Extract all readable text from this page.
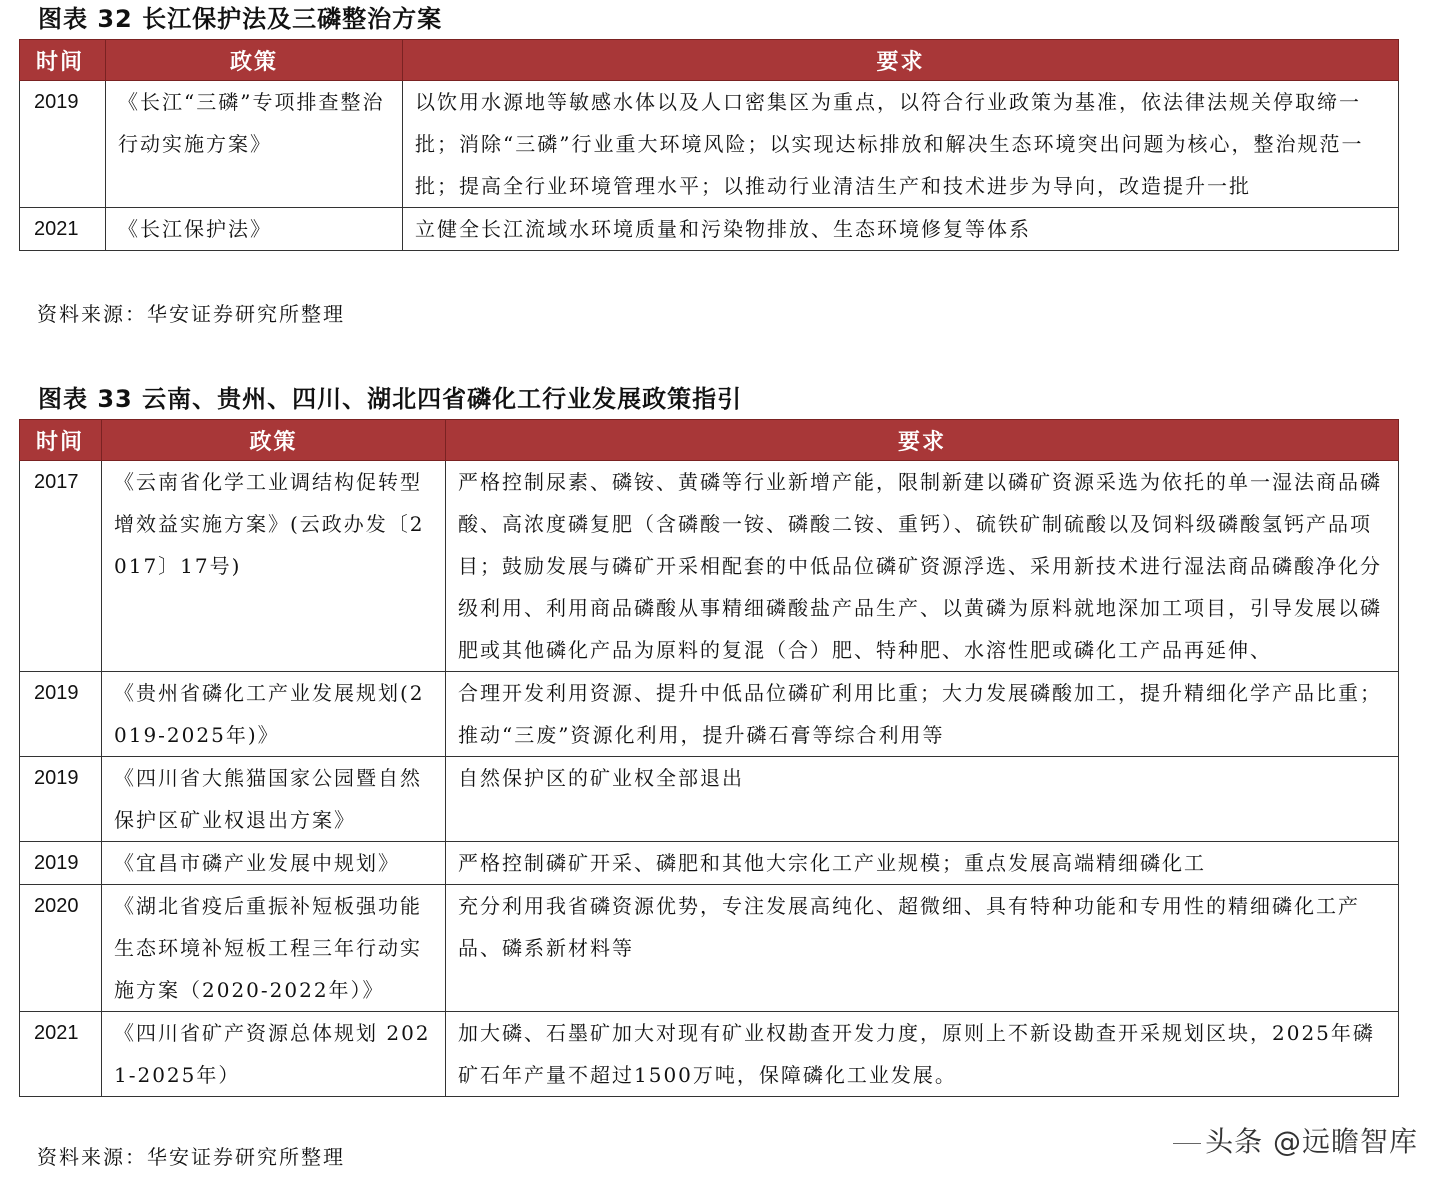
图表 32 长江保护法及三磷整治方案
时间	政策	要求
2019	《长江“三磷”专项排查整治行动实施方案》	以饮用水源地等敏感水体以及人口密集区为重点，以符合行业政策为基准，依法律法规关停取缔一批；消除“三磷”行业重大环境风险；以实现达标排放和解决生态环境突出问题为核心，整治规范一批；提高全行业环境管理水平；以推动行业清洁生产和技术进步为导向，改造提升一批
2021	《长江保护法》	立健全长江流域水环境质量和污染物排放、生态环境修复等体系
资料来源：华安证券研究所整理
图表 33 云南、贵州、四川、湖北四省磷化工行业发展政策指引
时间	政策	要求
2017	《云南省化学工业调结构促转型增效益实施方案》(云政办发〔2017〕17号)	严格控制尿素、磷铵、黄磷等行业新增产能，限制新建以磷矿资源采选为依托的单一湿法商品磷酸、高浓度磷复肥（含磷酸一铵、磷酸二铵、重钙）、硫铁矿制硫酸以及饲料级磷酸氢钙产品项目；鼓励发展与磷矿开采相配套的中低品位磷矿资源浮选、采用新技术进行湿法商品磷酸净化分级利用、利用商品磷酸从事精细磷酸盐产品生产、以黄磷为原料就地深加工项目，引导发展以磷肥或其他磷化产品为原料的复混（合）肥、特种肥、水溶性肥或磷化工产品再延伸、
2019	《贵州省磷化工产业发展规划(2019-2025年)》	合理开发利用资源、提升中低品位磷矿利用比重；大力发展磷酸加工，提升精细化学产品比重；推动“三废”资源化利用，提升磷石膏等综合利用等
2019	《四川省大熊猫国家公园暨自然保护区矿业权退出方案》	自然保护区的矿业权全部退出
2019	《宜昌市磷产业发展中规划》	严格控制磷矿开采、磷肥和其他大宗化工产业规模；重点发展高端精细磷化工
2020	《湖北省疫后重振补短板强功能生态环境补短板工程三年行动实施方案（2020-2022年）》	充分利用我省磷资源优势，专注发展高纯化、超微细、具有特种功能和专用性的精细磷化工产品、磷系新材料等
2021	《四川省矿产资源总体规划 2021-2025年）	加大磷、石墨矿加大对现有矿业权勘查开发力度，原则上不新设勘查开采规划区块，2025年磷矿石年产量不超过1500万吨，保障磷化工业发展。
资料来源：华安证券研究所整理	头条 @远瞻智库
